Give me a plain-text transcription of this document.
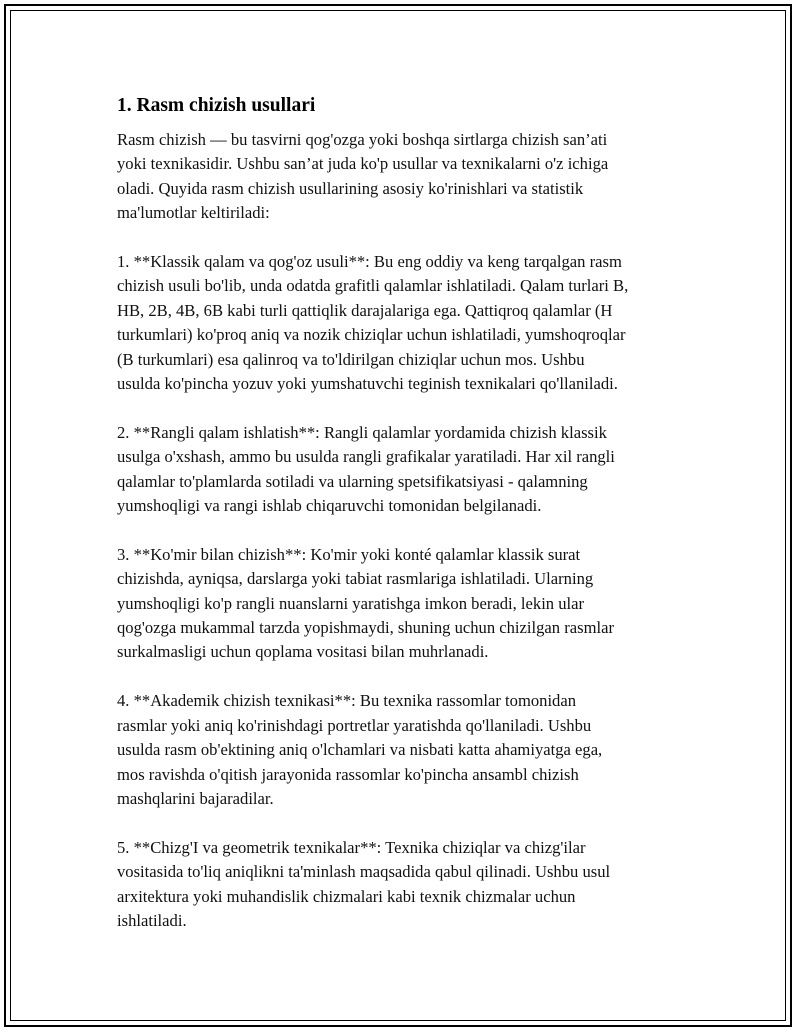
1. Rasm chizish usullari

Rasm chizish — bu tasvirni qog'ozga yoki boshqa sirtlarga chizish san’ati
yoki texnikasidir. Ushbu san’at juda ko'p usullar va texnikalarni o'z ichiga
oladi. Quyida rasm chizish usullarining asosiy ko'rinishlari va statistik
ma'lumotlar keltiriladi:

1. **Klassik qalam va qog'oz usuli**: Bu eng oddiy va keng tarqalgan rasm
chizish usuli bo'lib, unda odatda grafitli qalamlar ishlatiladi. Qalam turlari B,
HB, 2B, 4B, 6B kabi turli qattiqlik darajalariga ega. Qattiqroq qalamlar (H
turkumlari) ko'proq aniq va nozik chiziqlar uchun ishlatiladi, yumshoqroqlar
(B turkumlari) esa qalinroq va to'ldirilgan chiziqlar uchun mos. Ushbu
usulda ko'pincha yozuv yoki yumshatuvchi teginish texnikalari qo'llaniladi.

2. **Rangli qalam ishlatish**: Rangli qalamlar yordamida chizish klassik
usulga o'xshash, ammo bu usulda rangli grafikalar yaratiladi. Har xil rangli
qalamlar to'plamlarda sotiladi va ularning spetsifikatsiyasi - qalamning
yumshoqligi va rangi ishlab chiqaruvchi tomonidan belgilanadi.

3. **Ko'mir bilan chizish**: Ko'mir yoki konté qalamlar klassik surat
chizishda, ayniqsa, darslarga yoki tabiat rasmlariga ishlatiladi. Ularning
yumshoqligi ko'p rangli nuanslarni yaratishga imkon beradi, lekin ular
qog'ozga mukammal tarzda yopishmaydi, shuning uchun chizilgan rasmlar
surkalmasligi uchun qoplama vositasi bilan muhrlanadi.

4. **Akademik chizish texnikasi**: Bu texnika rassomlar tomonidan
rasmlar yoki aniq ko'rinishdagi portretlar yaratishda qo'llaniladi. Ushbu
usulda rasm ob'ektining aniq o'lchamlari va nisbati katta ahamiyatga ega,
mos ravishda o'qitish jarayonida rassomlar ko'pincha ansambl chizish
mashqlarini bajaradilar.

5. **Chizg'I va geometrik texnikalar**: Texnika chiziqlar va chizg'ilar
vositasida to'liq aniqlikni ta'minlash maqsadida qabul qilinadi. Ushbu usul
arxitektura yoki muhandislik chizmalari kabi texnik chizmalar uchun
ishlatiladi.
